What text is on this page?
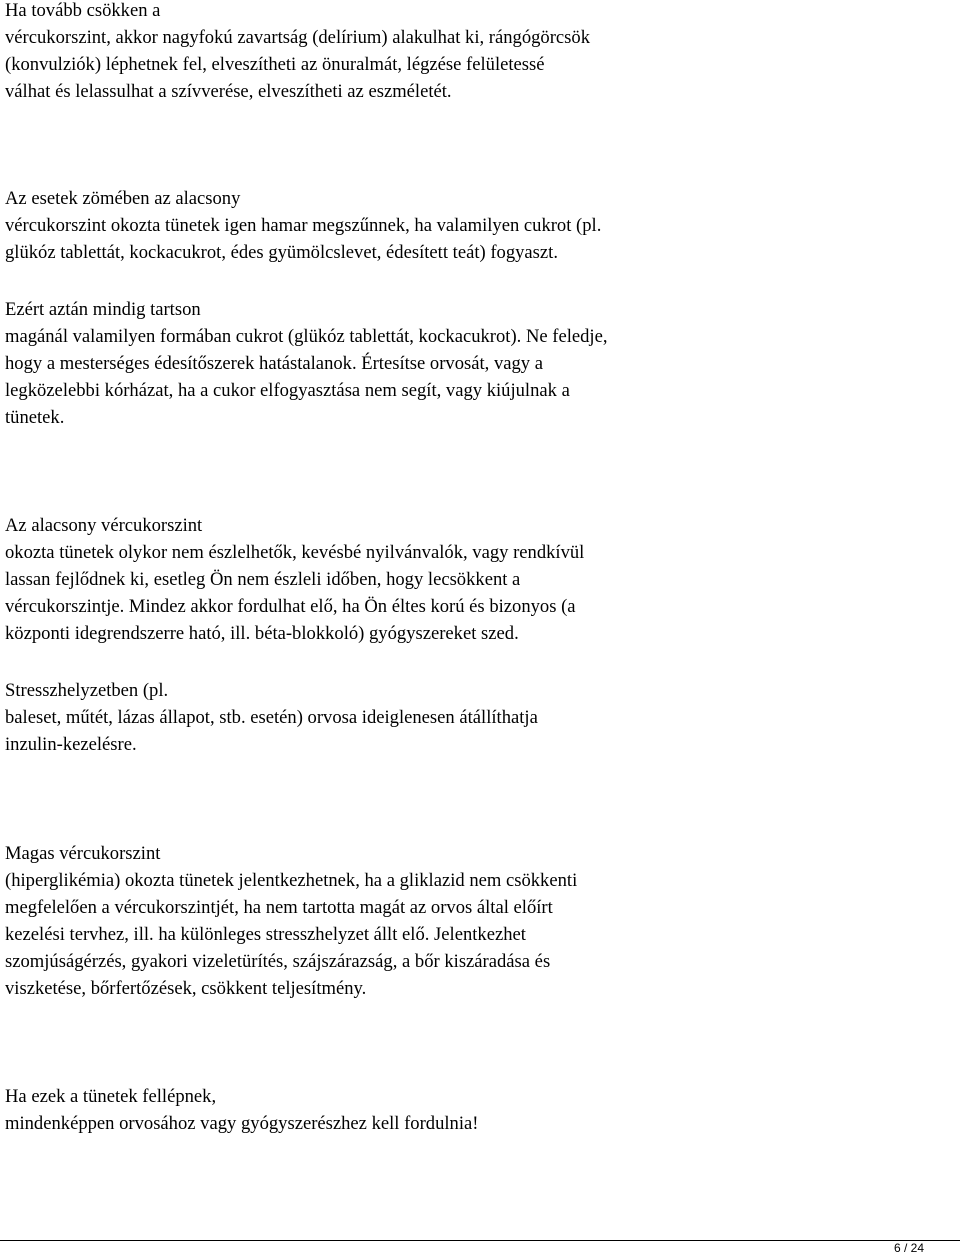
Ha tovább csökken a
vércukorszint, akkor nagyfokú zavartság (delírium) alakulhat ki, rángógörcsök
(konvulziók) léphetnek fel, elveszítheti az önuralmát, légzése felületessé
válhat és lelassulhat a szívverése, elveszítheti az eszméletét.
Az esetek zömében az alacsony
vércukorszint okozta tünetek igen hamar megszűnnek, ha valamilyen cukrot (pl.
glükóz tablettát, kockacukrot, édes gyümölcslevet, édesített teát) fogyaszt.
Ezért aztán mindig tartson
magánál valamilyen formában cukrot (glükóz tablettát, kockacukrot). Ne feledje,
hogy a mesterséges édesítőszerek hatástalanok. Értesítse orvosát, vagy a
legközelebbi kórházat, ha a cukor elfogyasztása nem segít, vagy kiújulnak a
tünetek.
Az alacsony vércukorszint
okozta tünetek olykor nem észlelhetők, kevésbé nyilvánvalók, vagy rendkívül
lassan fejlődnek ki, esetleg Ön nem észleli időben, hogy lecsökkent a
vércukorszintje. Mindez akkor fordulhat elő, ha Ön éltes korú és bizonyos (a
központi idegrendszerre ható, ill. béta-blokkoló) gyógyszereket szed.
Stresszhelyzetben (pl.
baleset, műtét, lázas állapot, stb. esetén) orvosa ideiglenesen átállíthatja
inzulin-kezelésre.
Magas vércukorszint
(hiperglikémia) okozta tünetek jelentkezhetnek, ha a gliklazid nem csökkenti
megfelelően a vércukorszintjét, ha nem tartotta magát az orvos által előírt
kezelési tervhez, ill. ha különleges stresszhelyzet állt elő. Jelentkezhet
szomjúságérzés, gyakori vizeletürítés, szájszárazság, a bőr kiszáradása és
viszketése, bőrfertőzések, csökkent teljesítmény.
Ha ezek a tünetek fellépnek,
mindenképpen orvosához vagy gyógyszerészhez kell fordulnia!
6 / 24
